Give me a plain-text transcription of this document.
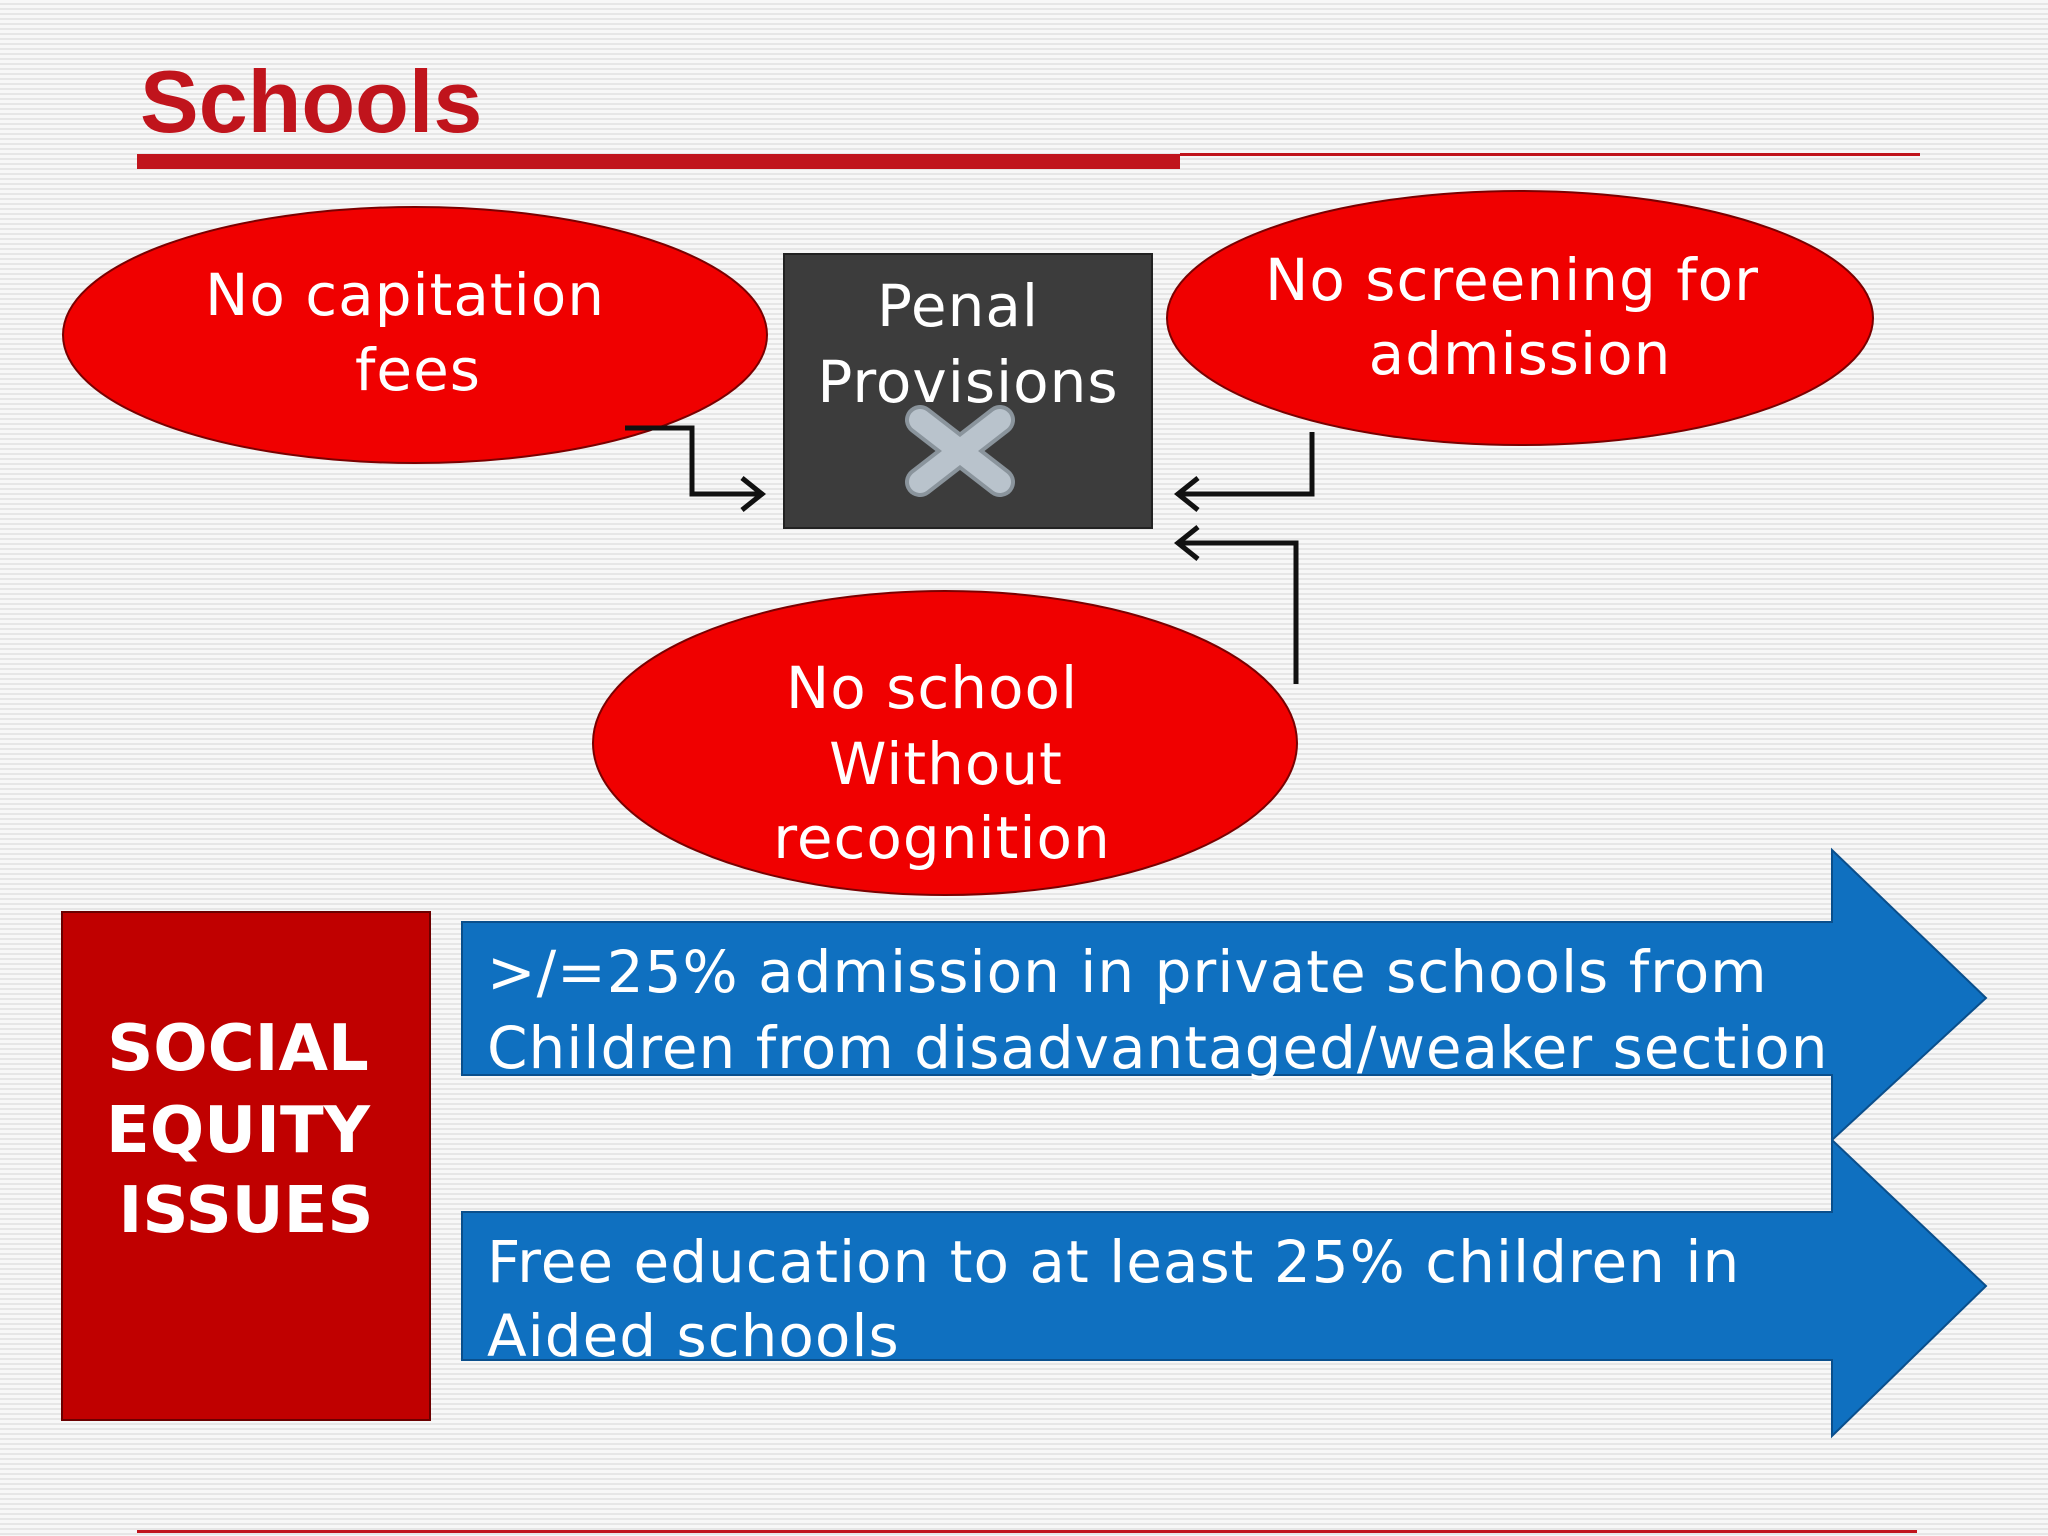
Schools
No capitation
fees
No screening for
admission
Penal
Provisions
No school
Without
recognition
SOCIAL
EQUITY
ISSUES
>/=25% admission in private schools from
Children from disadvantaged/weaker section
Free education to at least 25% children in
Aided schools
